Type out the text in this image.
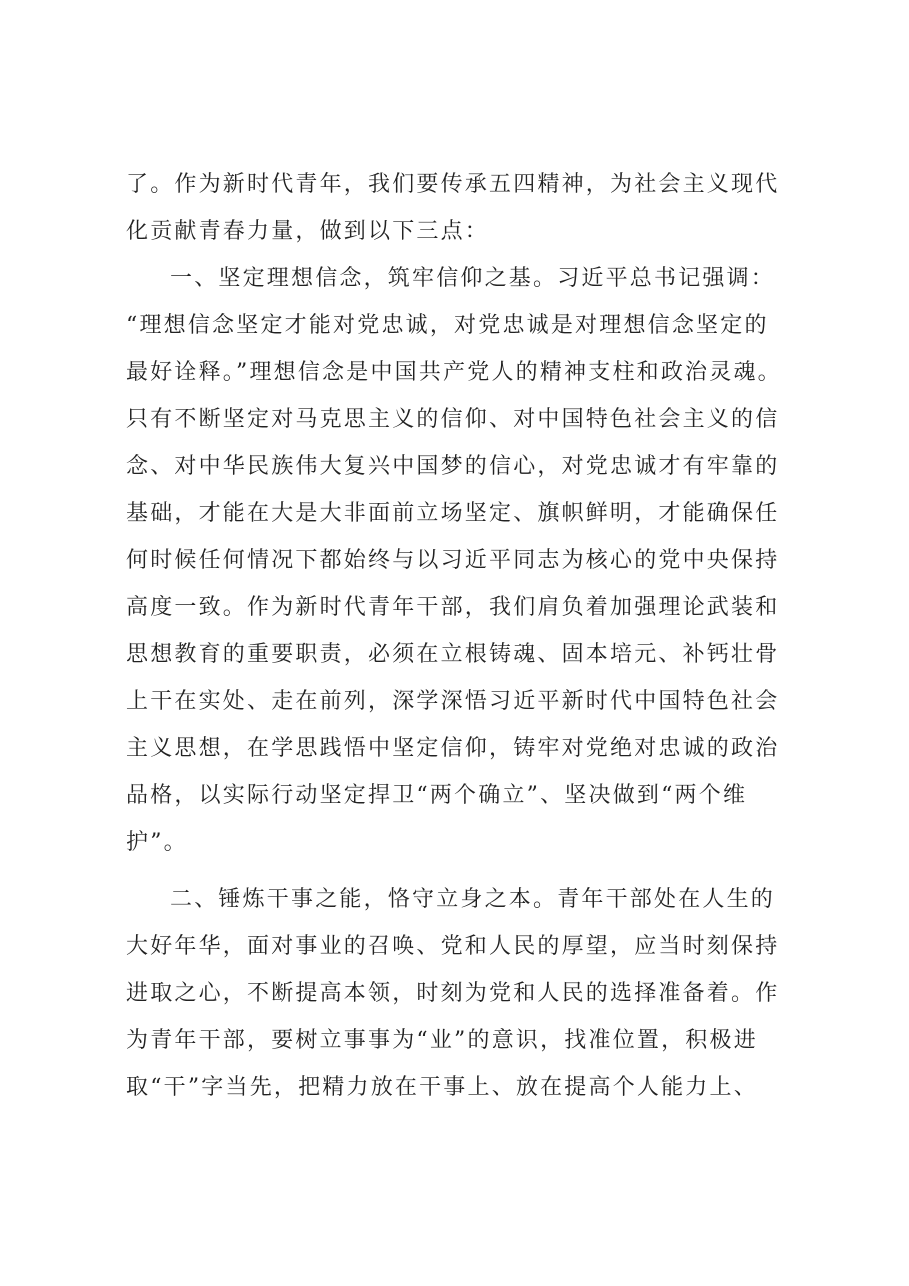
了。作为新时代青年，我们要传承五四精神，为社会主义现代
化贡献青春力量，做到以下三点：
一、坚定理想信念，筑牢信仰之基。习近平总书记强调：
“理想信念坚定才能对党忠诚，对党忠诚是对理想信念坚定的
最好诠释。”理想信念是中国共产党人的精神支柱和政治灵魂。
只有不断坚定对马克思主义的信仰、对中国特色社会主义的信
念、对中华民族伟大复兴中国梦的信心，对党忠诚才有牢靠的
基础，才能在大是大非面前立场坚定、旗帜鲜明，才能确保任
何时候任何情况下都始终与以习近平同志为核心的党中央保持
高度一致。作为新时代青年干部，我们肩负着加强理论武装和
思想教育的重要职责，必须在立根铸魂、固本培元、补钙壮骨
上干在实处、走在前列，深学深悟习近平新时代中国特色社会
主义思想，在学思践悟中坚定信仰，铸牢对党绝对忠诚的政治
品格，以实际行动坚定捍卫“两个确立”、坚决做到“两个维
护”。
二、锤炼干事之能，恪守立身之本。青年干部处在人生的
大好年华，面对事业的召唤、党和人民的厚望，应当时刻保持
进取之心，不断提高本领，时刻为党和人民的选择准备着。作
为青年干部，要树立事事为“业”的意识，找准位置，积极进
取“干”字当先，把精力放在干事上、放在提高个人能力上、
